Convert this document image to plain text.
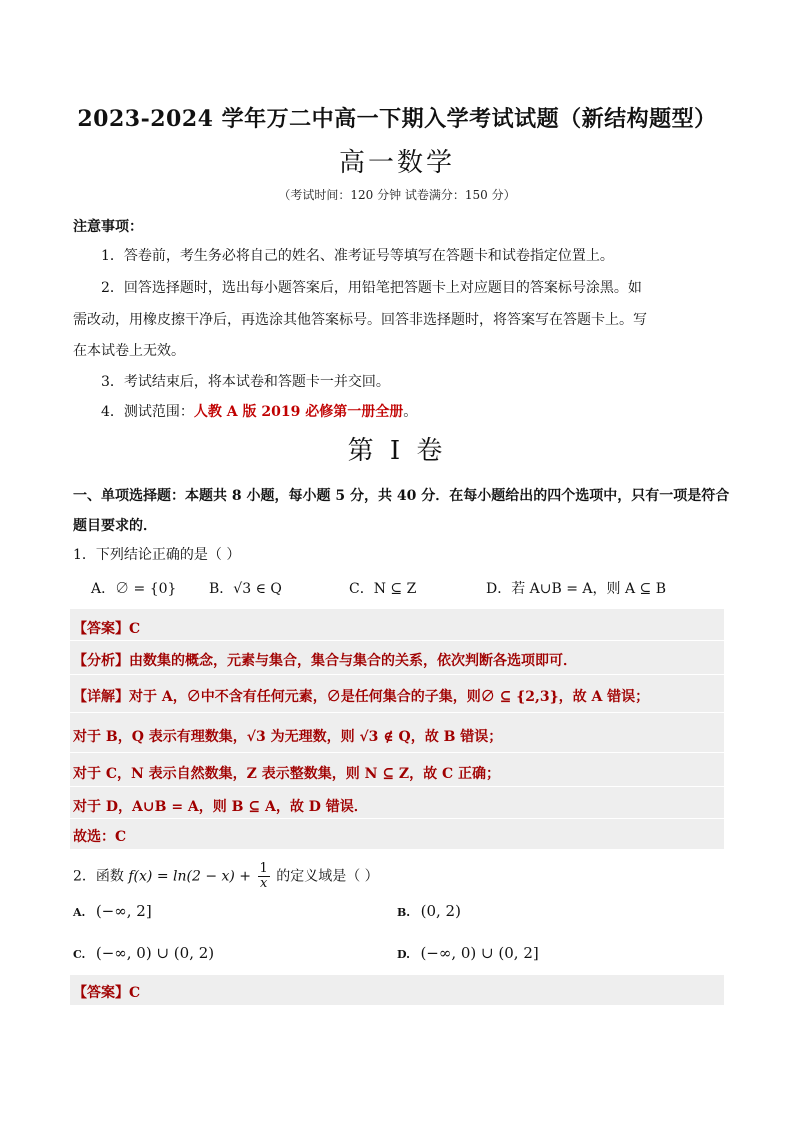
2023-2024 学年万二中高一下期入学考试试题（新结构题型）
高一数学
（考试时间：120 分钟 试卷满分：150 分）
注意事项：
1．答卷前，考生务必将自己的姓名、准考证号等填写在答题卡和试卷指定位置上。
2．回答选择题时，选出每小题答案后，用铅笔把答题卡上对应题目的答案标号涂黑。如
需改动，用橡皮擦干净后，再选涂其他答案标号。回答非选择题时，将答案写在答题卡上。写
在本试卷上无效。
3．考试结束后，将本试卷和答题卡一并交回。
4．测试范围：人教 A 版 2019 必修第一册全册。
第 I 卷
一、单项选择题：本题共 8 小题，每小题 5 分，共 40 分．在每小题给出的四个选项中，只有一项是符合题目要求的．
1．下列结论正确的是（ ）
A．∅ = {0} B．√3 ∈ Q	C．N ⊆ Z	D．若 A∪B = A，则 A ⊆ B
【答案】C
【分析】由数集的概念，元素与集合，集合与集合的关系，依次判断各选项即可．
【详解】对于 A，∅中不含有任何元素，∅是任何集合的子集，则∅ ⊆ {2,3}，故 A 错误；
对于 B，Q 表示有理数集，√3 为无理数，则 √3 ∉ Q，故 B 错误；
对于 C，N 表示自然数集，Z 表示整数集，则 N ⊆ Z，故 C 正确；
对于 D，A∪B = A，则 B ⊆ A，故 D 错误．
故选：C
2．函数 $f(x) = \ln(2 - x) + \frac{1}{x}$ 的定义域是（ ）
A. (−∞, 2]	B. (0, 2)
C. (−∞, 0) ∪ (0, 2)	D. (−∞, 0) ∪ (0, 2]
【答案】C
